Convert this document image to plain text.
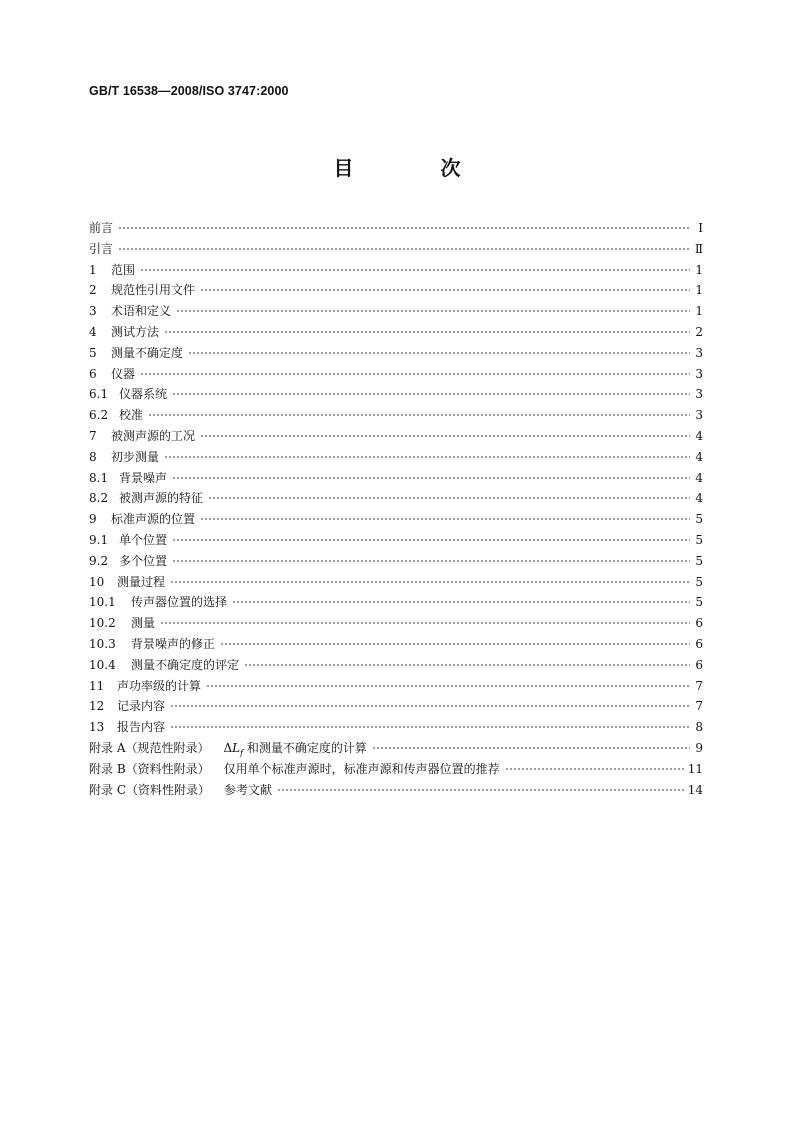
GB/T 16538—2008/ISO 3747:2000
目 次
前言	Ⅰ
引言	Ⅱ
1 范围	1
2 规范性引用文件	1
3 术语和定义	1
4 测试方法	2
5 测量不确定度	3
6 仪器	3
6.1 仪器系统	3
6.2 校准	3
7 被测声源的工况	4
8 初步测量	4
8.1 背景噪声	4
8.2 被测声源的特征	4
9 标准声源的位置	5
9.1 单个位置	5
9.2 多个位置	5
10 测量过程	5
10.1 传声器位置的选择	5
10.2 测量	6
10.3 背景噪声的修正	6
10.4 测量不确定度的评定	6
11 声功率级的计算	7
12 记录内容	7
13 报告内容	8
附录 A（规范性附录） $\Delta L_f$ 和测量不确定度的计算	9
附录 B（资料性附录） 仅用单个标准声源时，标准声源和传声器位置的推荐	11
附录 C（资料性附录） 参考文献	14
